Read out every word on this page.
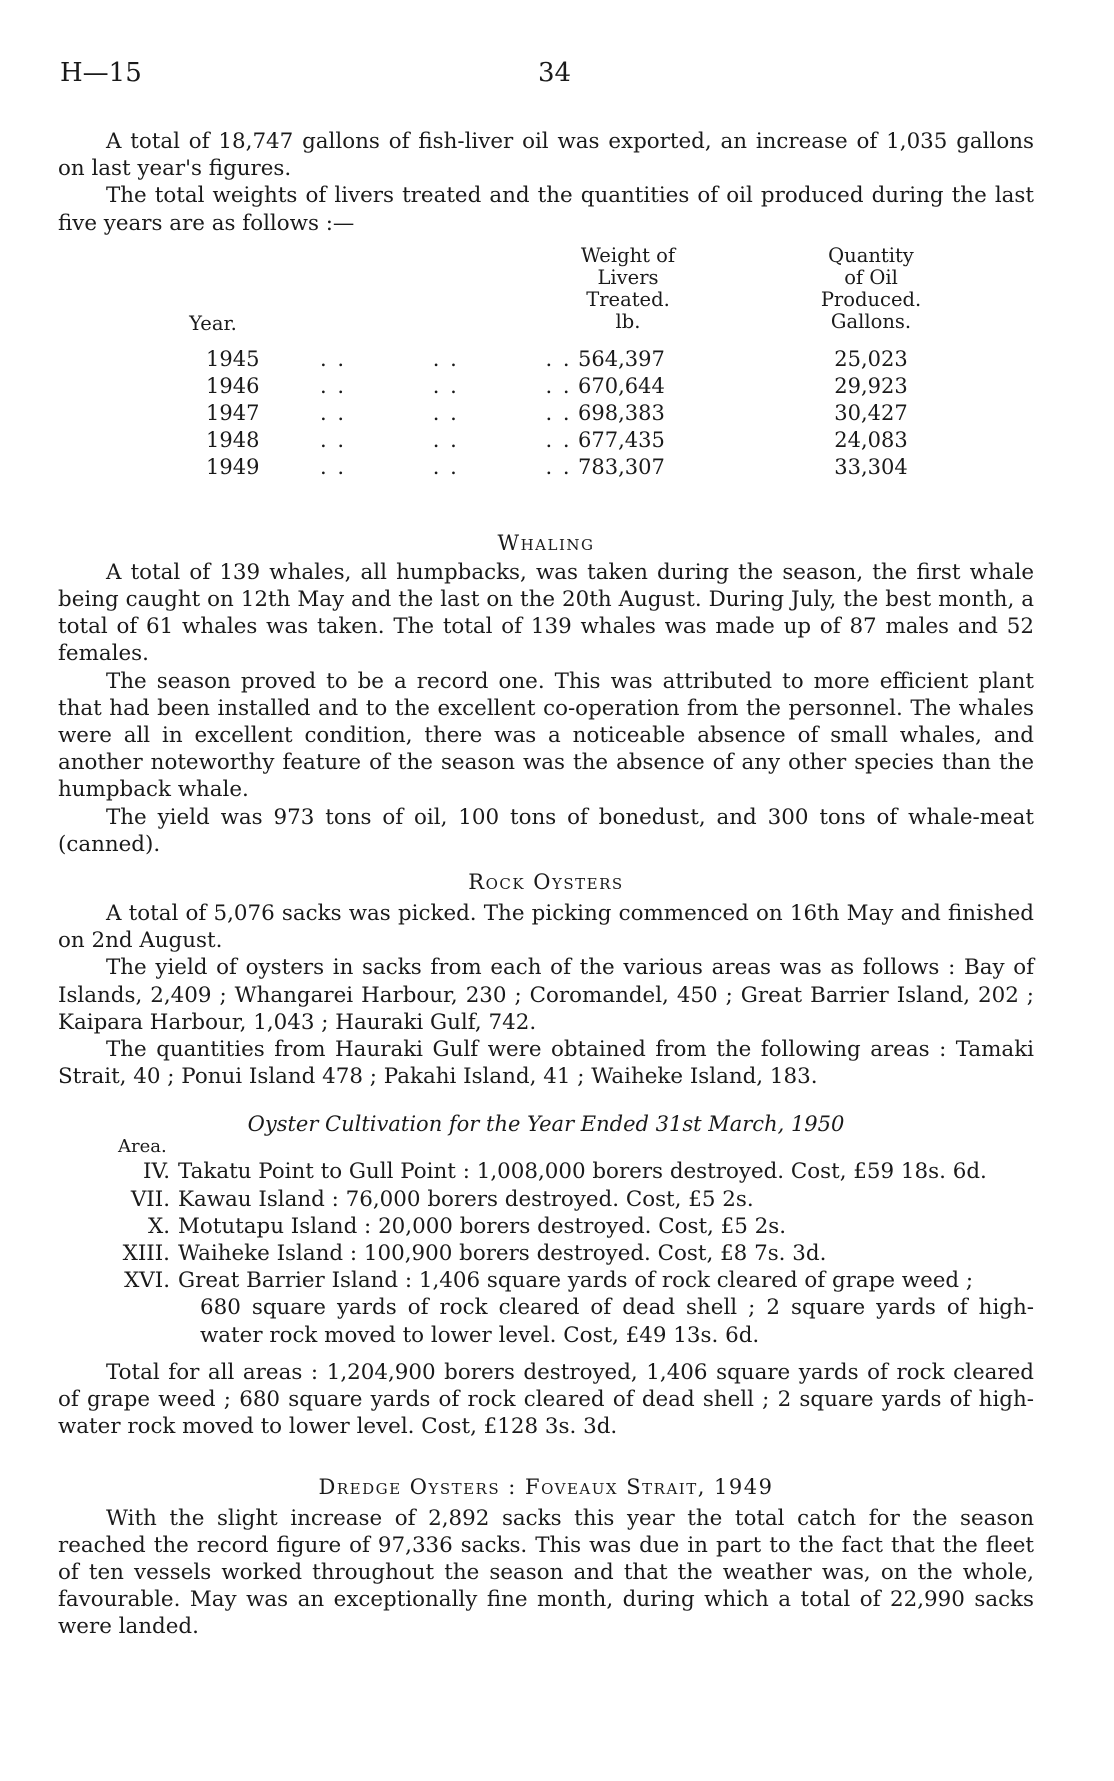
H—15	34

A total of 18,747 gallons of fish-liver oil was exported, an increase of 1,035 gallons on last year's figures.

The total weights of livers treated and the quantities of oil produced during the last five years are as follows :—

Year.
Weight of
Livers
Treated.
lb.
Quantity
of Oil
Produced.
Gallons.
1945	. .          . .          . . 564,397	25,023
1946	. .          . .          . . 670,644	29,923
1947	. .          . .          . . 698,383	30,427
1948	. .          . .          . . 677,435	24,083
1949	. .          . .          . . 783,307	33,304

Whaling

A total of 139 whales, all humpbacks, was taken during the season, the first whale being caught on 12th May and the last on the 20th August. During July, the best month, a total of 61 whales was taken. The total of 139 whales was made up of 87 males and 52 females.

The season proved to be a record one. This was attributed to more efficient plant that had been installed and to the excellent co-operation from the personnel. The whales were all in excellent condition, there was a noticeable absence of small whales, and another noteworthy feature of the season was the absence of any other species than the humpback whale.

The yield was 973 tons of oil, 100 tons of bonedust, and 300 tons of whale-meat (canned).

Rock Oysters

A total of 5,076 sacks was picked. The picking commenced on 16th May and finished on 2nd August.

The yield of oysters in sacks from each of the various areas was as follows : Bay of Islands, 2,409 ; Whangarei Harbour, 230 ; Coromandel, 450 ; Great Barrier Island, 202 ; Kaipara Harbour, 1,043 ; Hauraki Gulf, 742.

The quantities from Hauraki Gulf were obtained from the following areas : Tamaki Strait, 40 ; Ponui Island 478 ; Pakahi Island, 41 ; Waiheke Island, 183.

Oyster Cultivation for the Year Ended 31st March, 1950

Area.

IV. Takatu Point to Gull Point : 1,008,000 borers destroyed. Cost, £59 18s. 6d.
VII. Kawau Island : 76,000 borers destroyed. Cost, £5 2s.
X. Motutapu Island : 20,000 borers destroyed. Cost, £5 2s.
XIII. Waiheke Island : 100,900 borers destroyed. Cost, £8 7s. 3d.
XVI. Great Barrier Island : 1,406 square yards of rock cleared of grape weed ;
680 square yards of rock cleared of dead shell ; 2 square yards of high-water rock moved to lower level. Cost, £49 13s. 6d.

Total for all areas : 1,204,900 borers destroyed, 1,406 square yards of rock cleared of grape weed ; 680 square yards of rock cleared of dead shell ; 2 square yards of high-water rock moved to lower level. Cost, £128 3s. 3d.

Dredge Oysters : Foveaux Strait, 1949

With the slight increase of 2,892 sacks this year the total catch for the season reached the record figure of 97,336 sacks. This was due in part to the fact that the fleet of ten vessels worked throughout the season and that the weather was, on the whole, favourable. May was an exceptionally fine month, during which a total of 22,990 sacks were landed.
